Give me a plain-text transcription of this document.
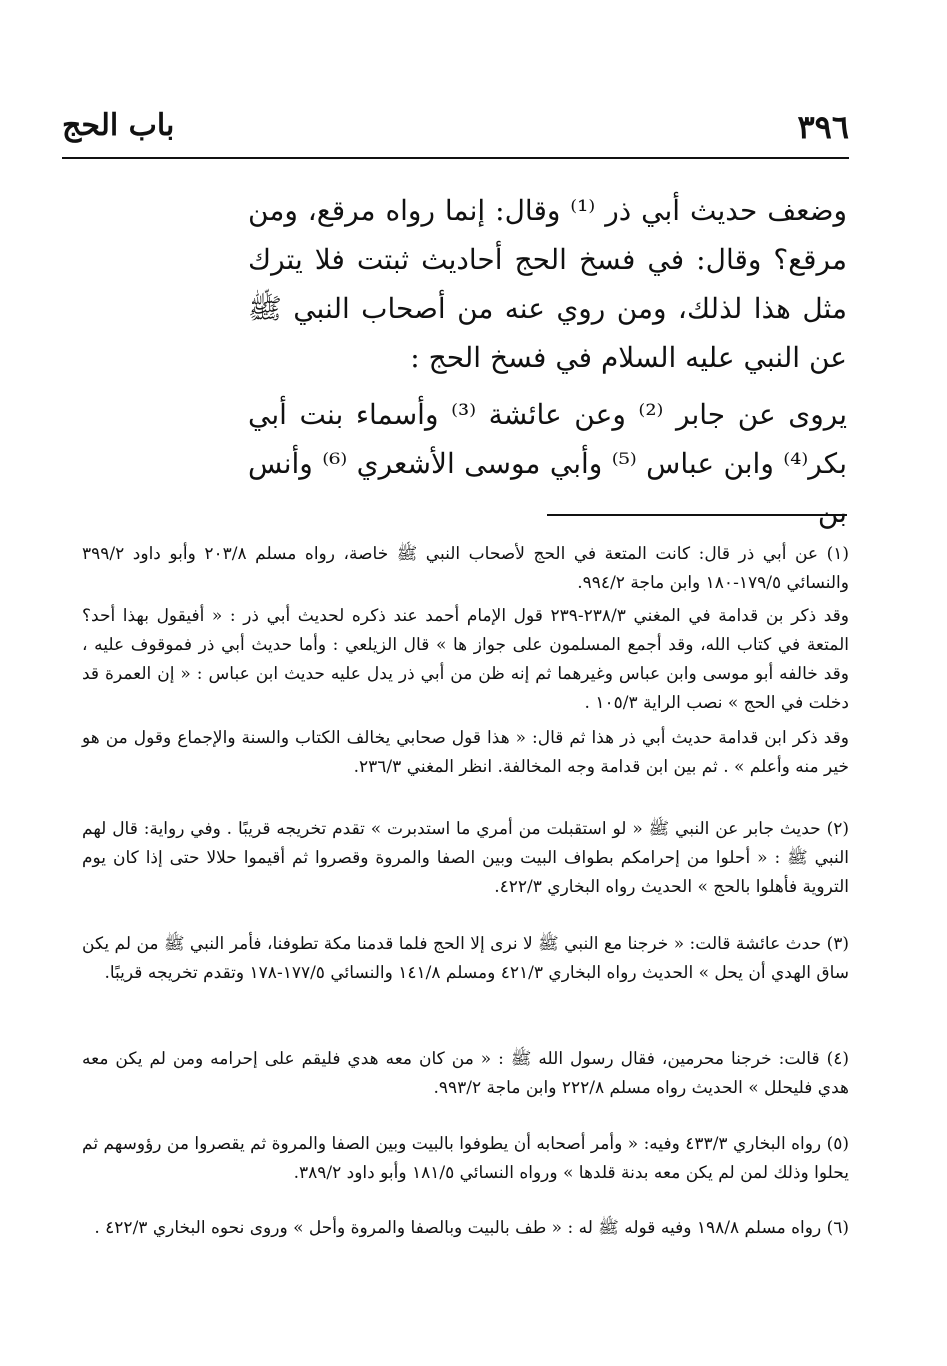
٣٩٦
باب الحج
وضعف حديث أبي ذر ⁽¹⁾ وقال: إنما رواه مرقع، ومن مرقع؟ وقال: في فسخ الحج أحاديث ثبتت فلا يترك مثل هذا لذلك، ومن روي عنه من أصحاب النبي ﷺ عن النبي عليه السلام في فسخ الحج :
يروى عن جابر ⁽²⁾ وعن عائشة ⁽³⁾ وأسماء بنت أبي بكر⁽⁴⁾ وابن عباس ⁽⁵⁾ وأبي موسى الأشعري ⁽⁶⁾ وأنس بن

(١) عن أبي ذر قال: كانت المتعة في الحج لأصحاب النبي ﷺ خاصة، رواه مسلم ٢٠٣/٨ وأبو داود ٣٩٩/٢ والنسائي ١٧٩/٥-١٨٠ وابن ماجة ٩٩٤/٢.

وقد ذكر بن قدامة في المغني ٢٣٨/٣-٢٣٩ قول الإمام أحمد عند ذكره لحديث أبي ذر : « أفيقول بهذا أحد؟ المتعة في كتاب الله، وقد أجمع المسلمون على جواز ها » قال الزيلعي : وأما حديث أبي ذر فموقوف عليه ، وقد خالفه أبو موسى وابن عباس وغيرهما ثم إنه ظن من أبي ذر يدل عليه حديث ابن عباس : « إن العمرة قد دخلت في الحج » نصب الراية ١٠٥/٣ .

وقد ذكر ابن قدامة حديث أبي ذر هذا ثم قال: « هذا قول صحابي يخالف الكتاب والسنة والإجماع وقول من هو خير منه وأعلم » . ثم بين ابن قدامة وجه المخالفة. انظر المغني ٢٣٦/٣.

(٢) حديث جابر عن النبي ﷺ « لو استقبلت من أمري ما استدبرت » تقدم تخريجه قريبًا . وفي رواية: قال لهم النبي ﷺ : « أحلوا من إحرامكم بطواف البيت وبين الصفا والمروة وقصروا ثم أقيموا حلالا حتى إذا كان يوم التروية فأهلوا بالحج » الحديث رواه البخاري ٤٢٢/٣.

(٣) حدث عائشة قالت: « خرجنا مع النبي ﷺ لا نرى إلا الحج فلما قدمنا مكة تطوفنا، فأمر النبي ﷺ من لم يكن ساق الهدي أن يحل » الحديث رواه البخاري ٤٢١/٣ ومسلم ١٤١/٨ والنسائي ١٧٧/٥-١٧٨ وتقدم تخريجه قريبًا.

(٤) قالت: خرجنا محرمين، فقال رسول الله ﷺ : « من كان معه هدي فليقم على إحرامه ومن لم يكن معه هدي فليحلل » الحديث رواه مسلم ٢٢٢/٨ وابن ماجة ٩٩٣/٢.

(٥) رواه البخاري ٤٣٣/٣ وفيه: « وأمر أصحابه أن يطوفوا بالبيت وبين الصفا والمروة ثم يقصروا من رؤوسهم ثم يحلوا وذلك لمن لم يكن معه بدنة قلدها » ورواه النسائي ١٨١/٥ وأبو داود ٣٨٩/٢.

(٦) رواه مسلم ١٩٨/٨ وفيه قوله ﷺ له : « طف بالبيت وبالصفا والمروة وأحل » وروى نحوه البخاري ٤٢٢/٣ .
